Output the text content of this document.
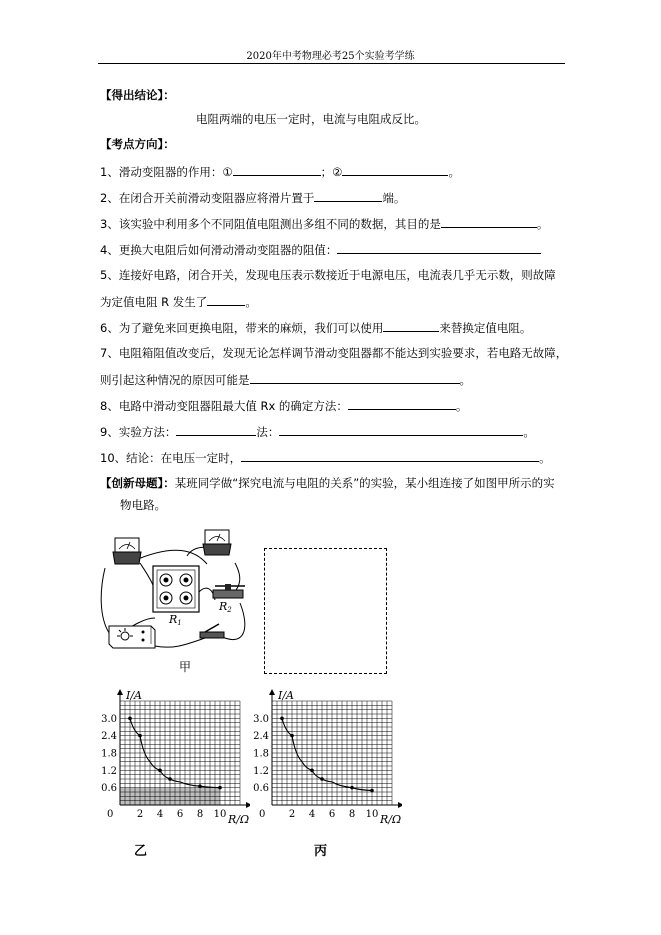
2020年中考物理必考25个实验考学练
【得出结论】：
电阻两端的电压一定时，电流与电阻成反比。
【考点方向】：
1、滑动变阻器的作用：①	；②	。
2、在闭合开关前滑动变阻器应将滑片置于	端。
3、该实验中利用多个不同阻值电阻测出多组不同的数据，其目的是	。
4、更换大电阻后如何滑动滑动变阻器的阻值：
5、连接好电路，闭合开关，发现电压表示数接近于电源电压，电流表几乎无示数，则故障
为定值电阻 R 发生了	。
6、为了避免来回更换电阻，带来的麻烦，我们可以使用	来替换定值电阻。
7、电阻箱阻值改变后，发现无论怎样调节滑动变阻器都不能达到实验要求，若电路无故障，
则引起这种情况的原因可能是	。
8、电路中滑动变阻器阻最大值 Rx 的确定方法：	。
9、实验方法：	法：	。
10、结论：在电压一定时，	。
【创新母题】：某班同学做“探究电流与电阻的关系”的实验，某小组连接了如图甲所示的实
物电路。
R2
R1
甲
I/A
R/Ω
0
0.6
1.2
1.8
2.4
3.0
2 4 6 8 10
I/A
R/Ω
0
0.6
1.2
1.8
2.4
3.0
2 4 6 8 10
乙	丙
